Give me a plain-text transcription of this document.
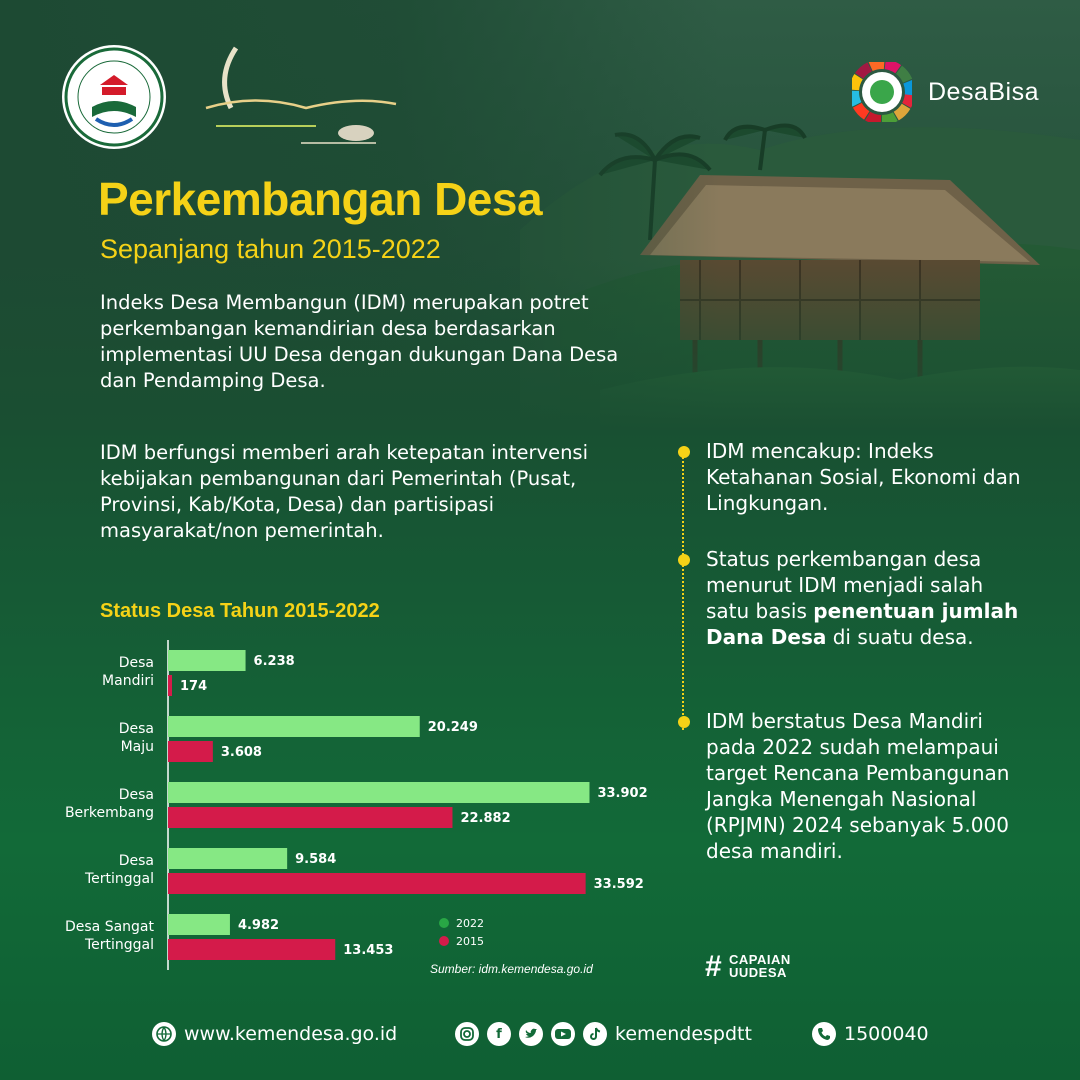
DesaBisa
Perkembangan Desa
Sepanjang tahun 2015-2022

Indeks Desa Membangun (IDM) merupakan potret perkembangan kemandirian desa berdasarkan implementasi UU Desa dengan dukungan Dana Desa dan Pendamping Desa.

IDM berfungsi memberi arah ketepatan intervensi kebijakan pembangunan dari Pemerintah (Pusat, Provinsi, Kab/Kota, Desa) dan partisipasi masyarakat/non pemerintah.

Status Desa Tahun 2015-2022
6.238
174
Desa
Mandiri
20.249
3.608
Desa
Maju
33.902
22.882
Desa
Berkembang
9.584
33.592
Desa
Tertinggal
4.982
13.453
Desa Sangat
Tertinggal
2022
2015
Sumber: idm.kemendesa.go.id
IDM mencakup: Indeks Ketahanan Sosial, Ekonomi dan Lingkungan.
Status perkembangan desa menurut IDM menjadi salah satu basis penentuan jumlah Dana Desa di suatu desa.
IDM berstatus Desa Mandiri pada 2022 sudah melampaui target Rencana Pembangunan Jangka Menengah Nasional (RPJMN) 2024 sebanyak 5.000 desa mandiri.
# CAPAIAN
UUDESA
www.kemendesa.go.id	f	kemendespdtt	1500040
